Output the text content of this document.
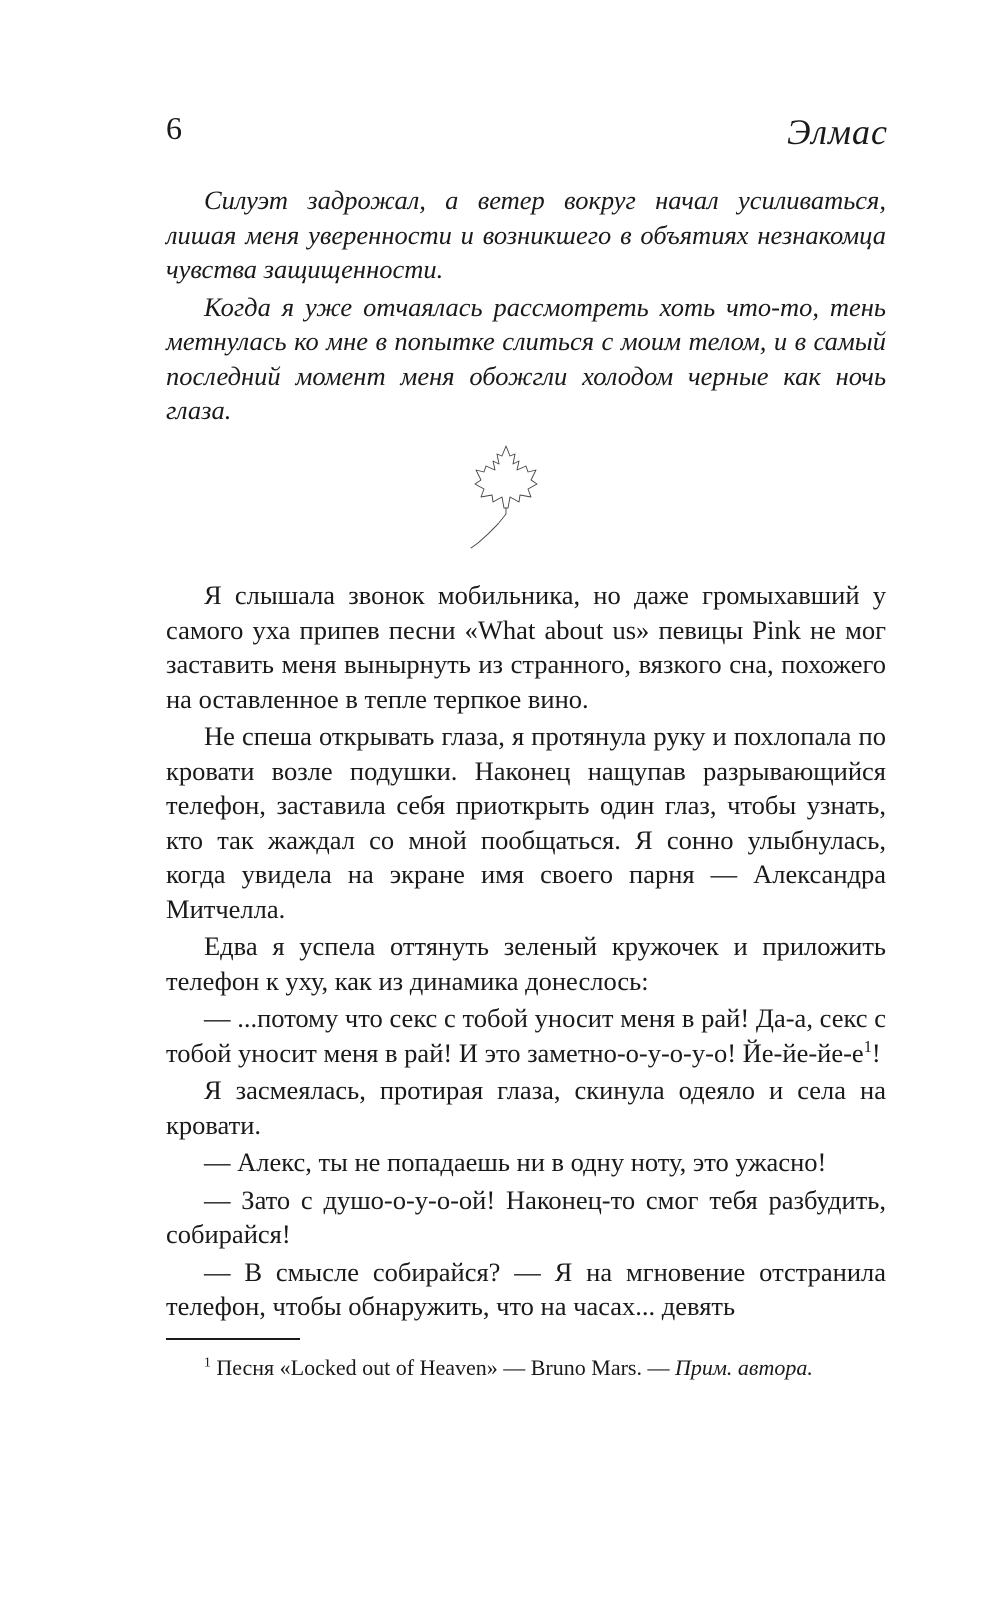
6	Элмас

Силуэт задрожал, а ветер вокруг начал усиливаться, лишая меня уверенности и возникшего в объятиях незнакомца чувства защищенности.

Когда я уже отчаялась рассмотреть хоть что-то, тень метнулась ко мне в попытке слиться с моим телом, и в самый последний момент меня обожгли холодом черные как ночь глаза.

Я слышала звонок мобильника, но даже громыхавший у самого уха припев песни «What about us» певицы Pink не мог заставить меня вынырнуть из странного, вязкого сна, похожего на оставленное в тепле терпкое вино.

Не спеша открывать глаза, я протянула руку и похлопала по кровати возле подушки. Наконец нащупав разрывающийся телефон, заставила себя приоткрыть один глаз, чтобы узнать, кто так жаждал со мной пообщаться. Я сонно улыбнулась, когда увидела на экране имя своего парня — Александра Митчелла.

Едва я успела оттянуть зеленый кружочек и приложить телефон к уху, как из динамика донеслось:

— ...потому что секс с тобой уносит меня в рай! Да-а, секс с тобой уносит меня в рай! И это заметно-о-у-о-у-о! $Йе-йе-йе-е^1$!

Я засмеялась, протирая глаза, скинула одеяло и села на кровати.

— Алекс, ты не попадаешь ни в одну ноту, это ужасно!

— Зато с душо-о-у-о-ой! Наконец-то смог тебя разбудить, собирайся!

— В смысле собирайся? — Я на мгновение отстранила телефон, чтобы обнаружить, что на часах... девять

$^1$ Песня «Locked out of Heaven» — Bruno Mars. — Прим. автора.
